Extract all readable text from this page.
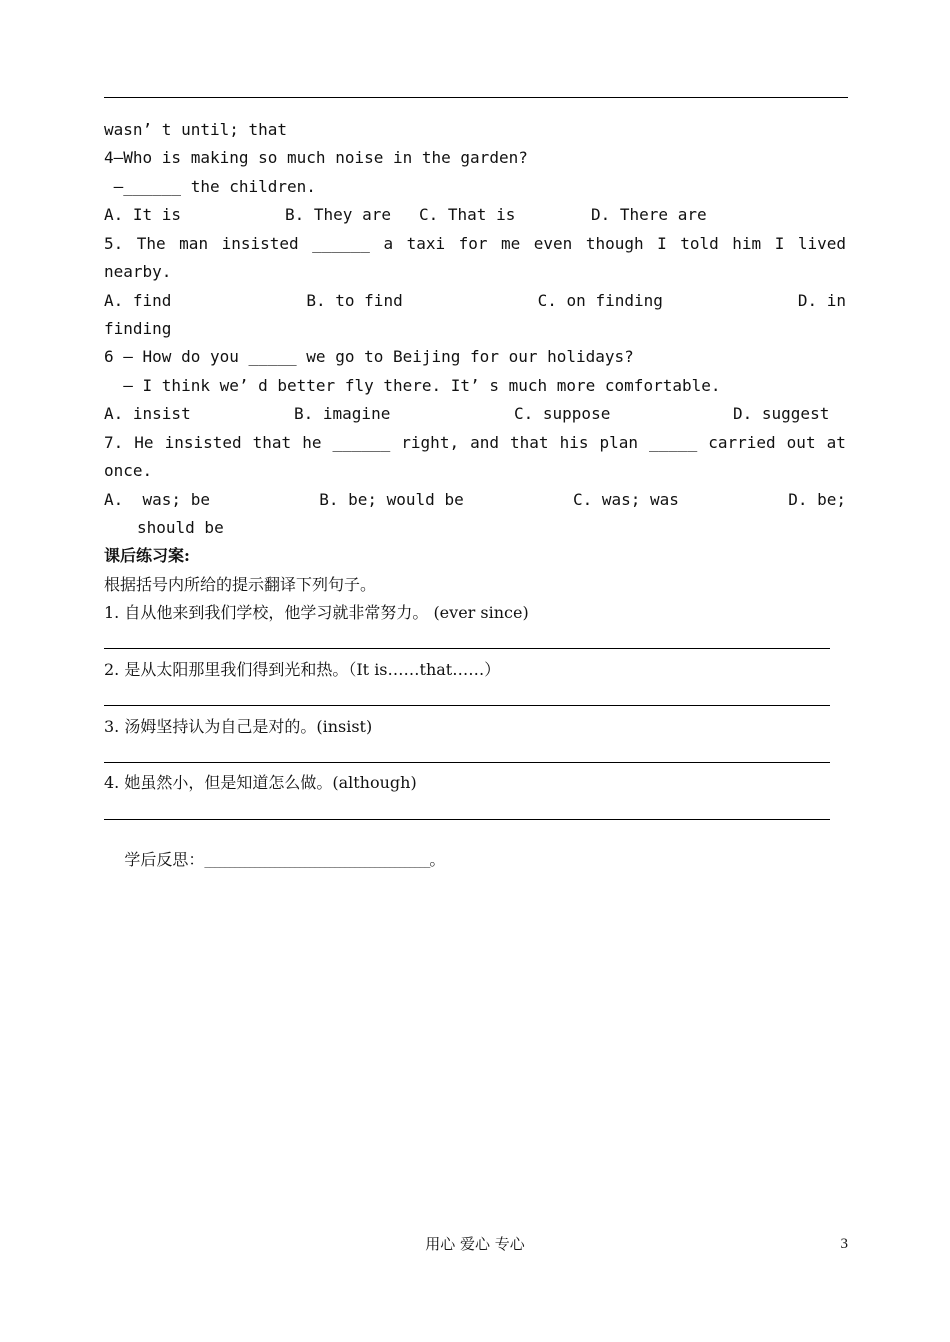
wasn’ t until; that
4—Who is making so much noise in the garden?
—______ the children.
A. It is	B. They are	C. That is	D. There are
5. The man insisted ______ a taxi for me even though I told him I lived
nearby.
A. find	B. to find	C. on finding	D. in
finding
6 — How do you _____ we go to Beijing for our holidays?
— I think we’ d better fly there. It’ s much more comfortable.
A. insist	B. imagine	C. suppose	D. suggest
7. He insisted that he ______ right, and that his plan _____ carried out at
once.
A.  was; be	B. be; would be	C. was; was	D. be;
should be
课后练习案:
根据括号内所给的提示翻译下列句子。
1. 自从他来到我们学校，他学习就非常努力。 (ever since)
2. 是从太阳那里我们得到光和热。（It is……that……）
3. 汤姆坚持认为自己是对的。(insist)
4. 她虽然小，但是知道怎么做。(although)

学后反思：_____________________________________________。

用心 爱心 专心	3
